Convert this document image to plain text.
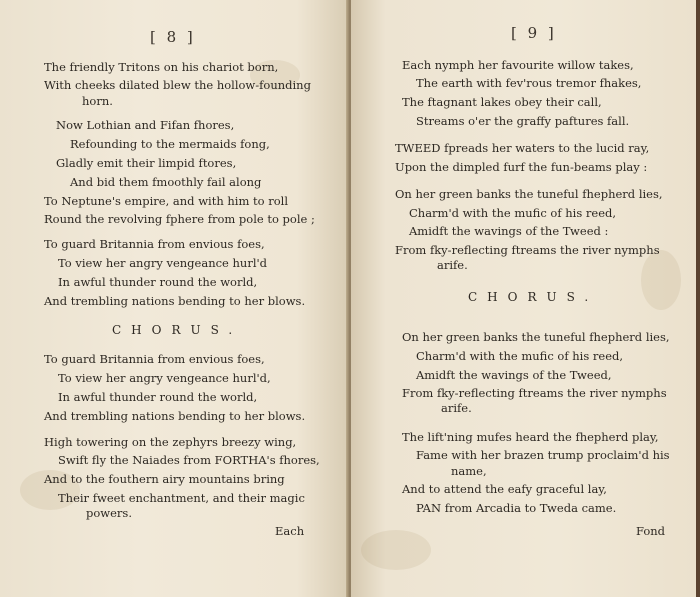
[ 8 ]
The friendly Tritons on his chariot born,
With cheeks dilated blew the hollow-founding
horn.
Now Lothian and Fifan fhores,
Refounding to the mermaids fong,
Gladly emit their limpid ftores,
And bid them fmoothly fail along
To Neptune's empire, and with him to roll
Round the revolving fphere from pole to pole ;
To guard Britannia from envious foes,
To view her angry vengeance hurl'd
In awful thunder round the world,
And trembling nations bending to her blows.
CHORUS.
To guard Britannia from envious foes,
To view her angry vengeance hurl'd,
In awful thunder round the world,
And trembling nations bending to her blows.
High towering on the zephyrs breezy wing,
Swift fly the Naiades from FORTHA's fhores,
And to the fouthern airy mountains bring
Their fweet enchantment, and their magic
powers.
Each
[ 9 ]
Each nymph her favourite willow takes,
The earth with fev'rous tremor fhakes,
The ftagnant lakes obey their call,
Streams o'er the graffy paftures fall.
TWEED fpreads her waters to the lucid ray,
Upon the dimpled furf the fun-beams play :
On her green banks the tuneful fhepherd lies,
Charm'd with the mufic of his reed,
Amidft the wavings of the Tweed :
From fky-reflecting ftreams the river nymphs
arife.
CHORUS.
On her green banks the tuneful fhepherd lies,
Charm'd with the mufic of his reed,
Amidft the wavings of the Tweed,
From fky-reflecting ftreams the river nymphs
arife.
The lift'ning mufes heard the fhepherd play,
Fame with her brazen trump proclaim'd his
name,
And to attend the eafy graceful lay,
PAN from Arcadia to Tweda came.
Fond
